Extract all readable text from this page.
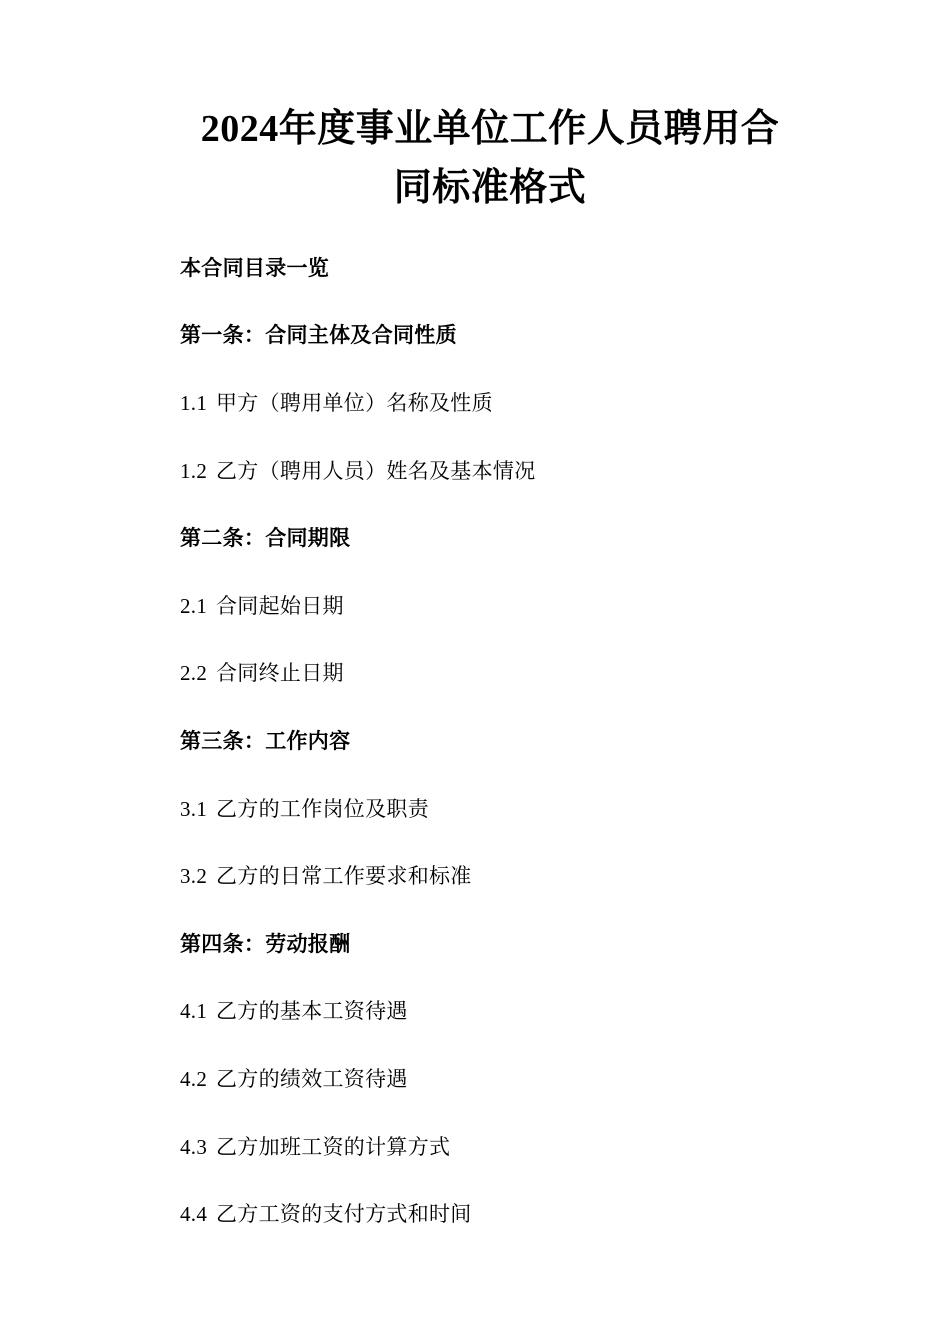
2024年度事业单位工作人员聘用合同标准格式
本合同目录一览
第一条：合同主体及合同性质
1.1 甲方（聘用单位）名称及性质
1.2 乙方（聘用人员）姓名及基本情况
第二条：合同期限
2.1 合同起始日期
2.2 合同终止日期
第三条：工作内容
3.1 乙方的工作岗位及职责
3.2 乙方的日常工作要求和标准
第四条：劳动报酬
4.1 乙方的基本工资待遇
4.2 乙方的绩效工资待遇
4.3 乙方加班工资的计算方式
4.4 乙方工资的支付方式和时间
